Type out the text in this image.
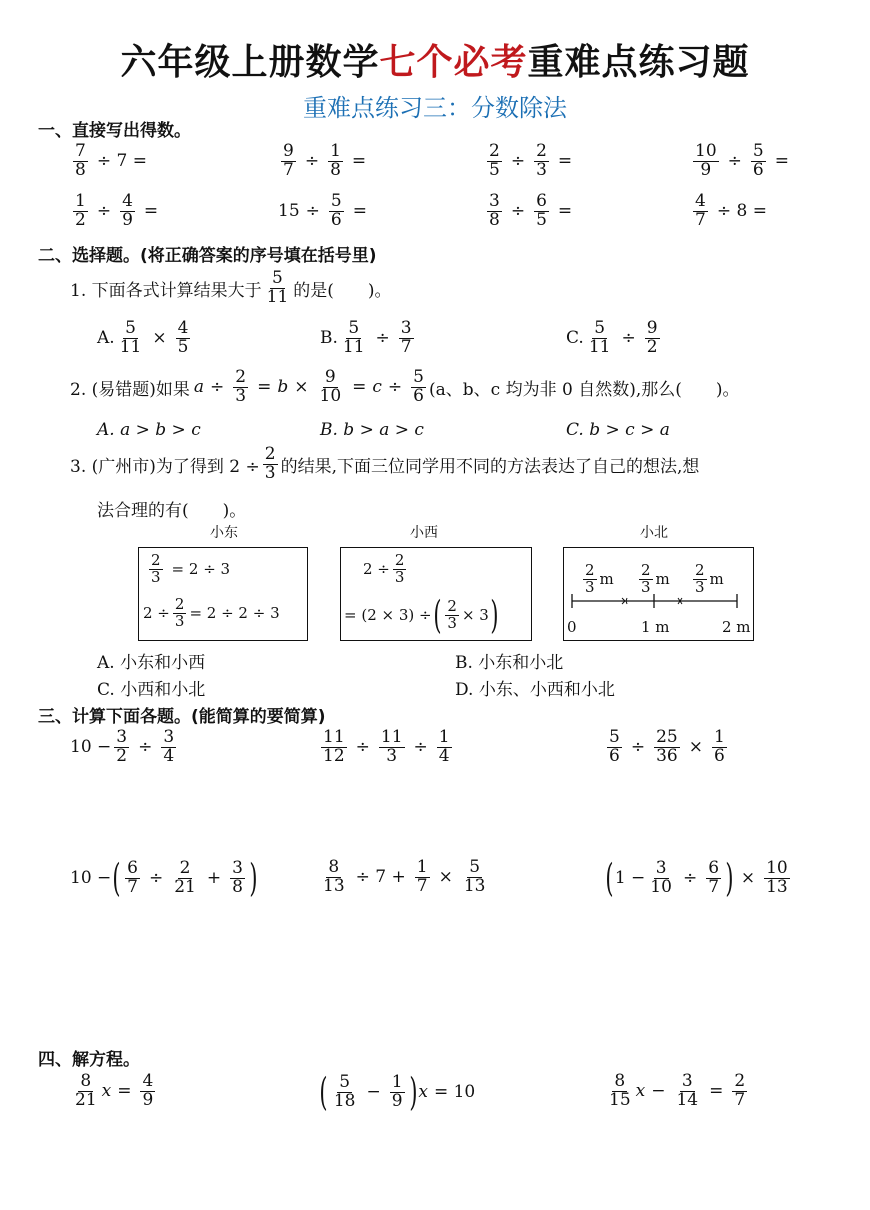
六年级上册数学七个必考重难点练习题
重难点练习三：分数除法
一、直接写出得数。
$\frac{7}{8} \div 7$ =	$\frac{9}{7} \div \frac{1}{8}$ =	$\frac{2}{5} \div \frac{2}{3}$ =	$\frac{10}{9} \div \frac{5}{6}$ =
$\frac{1}{2} \div \frac{4}{9}$ =	$15 \div \frac{5}{6}$ =	$\frac{3}{8} \div \frac{6}{5}$ =	$\frac{4}{7} \div 8$ =
二、选择题。(将正确答案的序号填在括号里)
1. 下面各式计算结果大于 $\frac{5}{11}$ 的是(　　)。
A. $\frac{5}{11} \times \frac{4}{5}$	B. $\frac{5}{11} \div \frac{3}{7}$	C. $\frac{5}{11} \div \frac{9}{2}$
2. (易错题)如果 $a \div \frac{2}{3} = b \times \frac{9}{10} = c \div \frac{5}{6} (a$、b、c 均为非 0 自然数),那么(　　)。
A. a > b > c	B. b > a > c	C. b > c > a
3. (广州市)为了得到 $2 \div \frac{2}{3}$ 的结果,下面三位同学用不同的方法表达了自己的想法,想
法合理的有(　　)。
小东	小西	小北
$\frac{2}{3} = 2 \div 3$
$2 \div \frac{2}{3} = 2 \div 2 \div 3$
$2 \div \frac{2}{3}$
= (2 × 3) ÷ ( $\frac{2}{3} \times 3$ )
$\frac{2}{3}$ m $\frac{2}{3}$ m $\frac{2}{3}$ m
0	1 m	2 m
A. 小东和小西	B. 小东和小北
C. 小西和小北	D. 小东、小西和小北
三、计算下面各题。(能简算的要简算)
$10 - \frac{3}{2} \div \frac{3}{4}$	$\frac{11}{12} \div \frac{11}{3} \div \frac{1}{4}$	$\frac{5}{6} \div \frac{25}{36} \times \frac{1}{6}$
10 − ( $\frac{6}{7} \div \frac{2}{21} + \frac{3}{8}$ )	$\frac{8}{13} \div 7 + \frac{1}{7} \times \frac{5}{13}$	( $1 - \frac{3}{10} \div \frac{6}{7}$ ) × $\frac{10}{13}$
四、解方程。
$\frac{8}{21}$ $x = \frac{4}{9}$	( $\frac{5}{18} - \frac{1}{9}$ ) x = 10	$\frac{8}{15}$ $x - \frac{3}{14} = \frac{2}{7}$
